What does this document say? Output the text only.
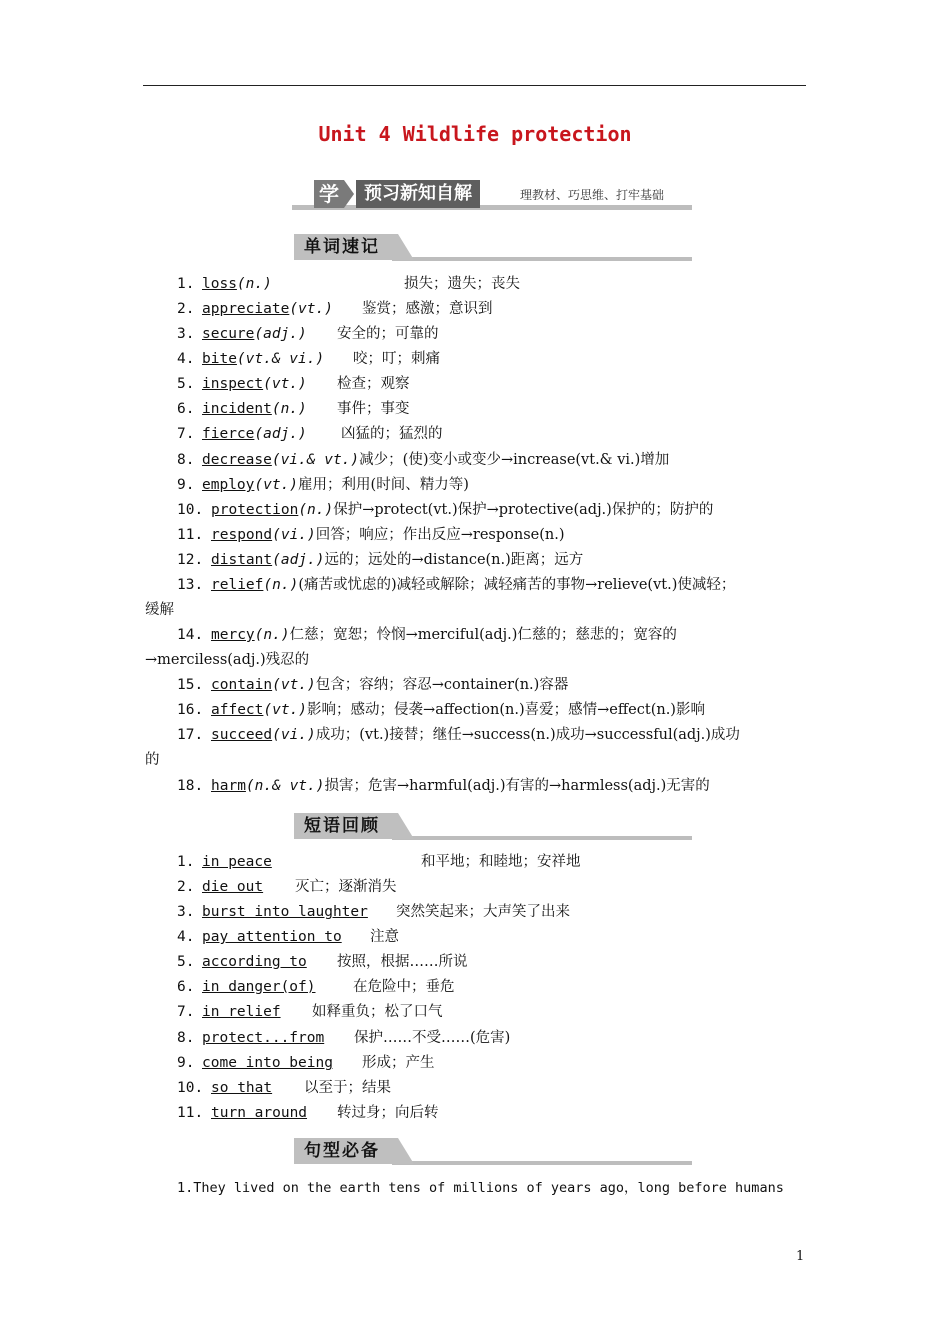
Unit 4 Wildlife protection
学	预习新知自解	理教材、巧思维、打牢基础
单词速记
1. loss (n.)	损失；遗失；丧失
2. appreciate (vt.) 鉴赏；感激；意识到
3. secure (adj.) 安全的；可靠的
4. bite (vt.& vi.) 咬；叮；刺痛
5. inspect (vt.) 检查；观察
6. incident (n.) 事件；事变
7. fierce (adj.) 凶猛的；猛烈的
8. decrease (vi.& vt.) 减少；(使)变小或变少→increase(vt.& vi.)增加
9. employ (vt.) 雇用；利用(时间、精力等)
10. protection (n.) 保护→protect(vt.)保护→protective(adj.)保护的；防护的
11. respond (vi.) 回答；响应；作出反应→response(n.)
12. distant (adj.) 远的；远处的→distance(n.)距离；远方
13. relief (n.) (痛苦或忧虑的)减轻或解除；减轻痛苦的事物→relieve(vt.)使减轻；
缓解
14. mercy (n.) 仁慈；宽恕；怜悯→merciful(adj.)仁慈的；慈悲的；宽容的
→merciless(adj.)残忍的
15. contain (vt.) 包含；容纳；容忍→container(n.)容器
16. affect (vt.) 影响；感动；侵袭→affection(n.)喜爱；感情→effect(n.)影响
17. succeed (vi.) 成功；(vt.)接替；继任→success(n.)成功→successful(adj.)成功
的
18. harm (n.& vt.) 损害；危害→harmful(adj.)有害的→harmless(adj.)无害的
短语回顾
1. in peace	和平地；和睦地；安祥地
2. die out 灭亡；逐渐消失
3. burst into laughter 突然笑起来；大声笑了出来
4. pay attention to 注意
5. according to 按照，根据……所说
6. in danger(of)	在危险中；垂危
7. in relief 如释重负；松了口气
8. protect...from 保护……不受……(危害)
9. come into being 形成；产生
10. so that 以至于；结果
11. turn around 转过身；向后转
句型必备
1.They lived on the earth tens of millions of years ago，long before humans
1
